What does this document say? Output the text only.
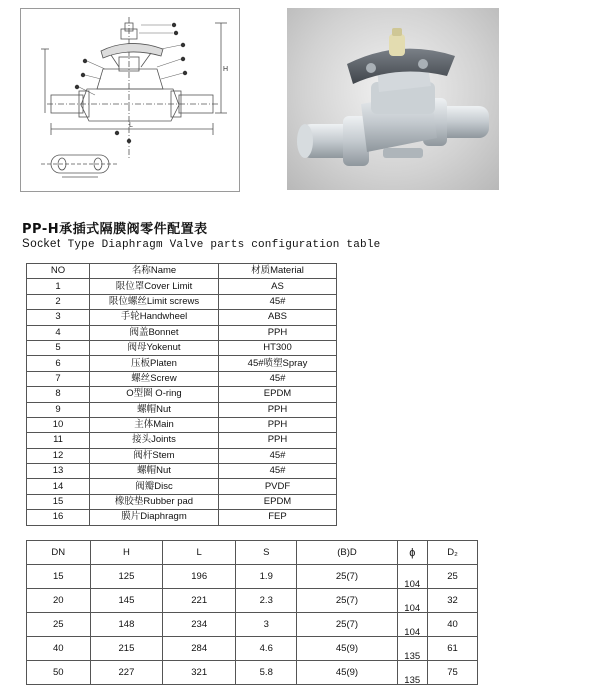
H
L
PP-H承插式隔膜阀零件配置表
Socket Type Diaphragm Valve parts configuration table
NO	名称Name	材质Material
1	限位罩Cover Limit	AS
2	限位螺丝Limit screws	45#
3	手轮Handwheel	ABS
4	阀盖Bonnet	PPH
5	阀母Yokenut	HT300
6	压板Platen	45#喷塑Spray
7	螺丝Screw	45#
8	O型圈 O-ring	EPDM
9	螺帽Nut	PPH
10	主体Main	PPH
11	接头Joints	PPH
12	阀杆Stem	45#
13	螺帽Nut	45#
14	阀瓣Disc	PVDF
15	橡胶垫Rubber pad	EPDM
16	膜片Diaphragm	FEP
DN	H	L	S	(B)D	ɸ	D₂
15	125	196	1.9	25(7)	104	25
20	145	221	2.3	25(7)	104	32
25	148	234	3	25(7)	104	40
40	215	284	4.6	45(9)	135	61
50	227	321	5.8	45(9)	135	75
